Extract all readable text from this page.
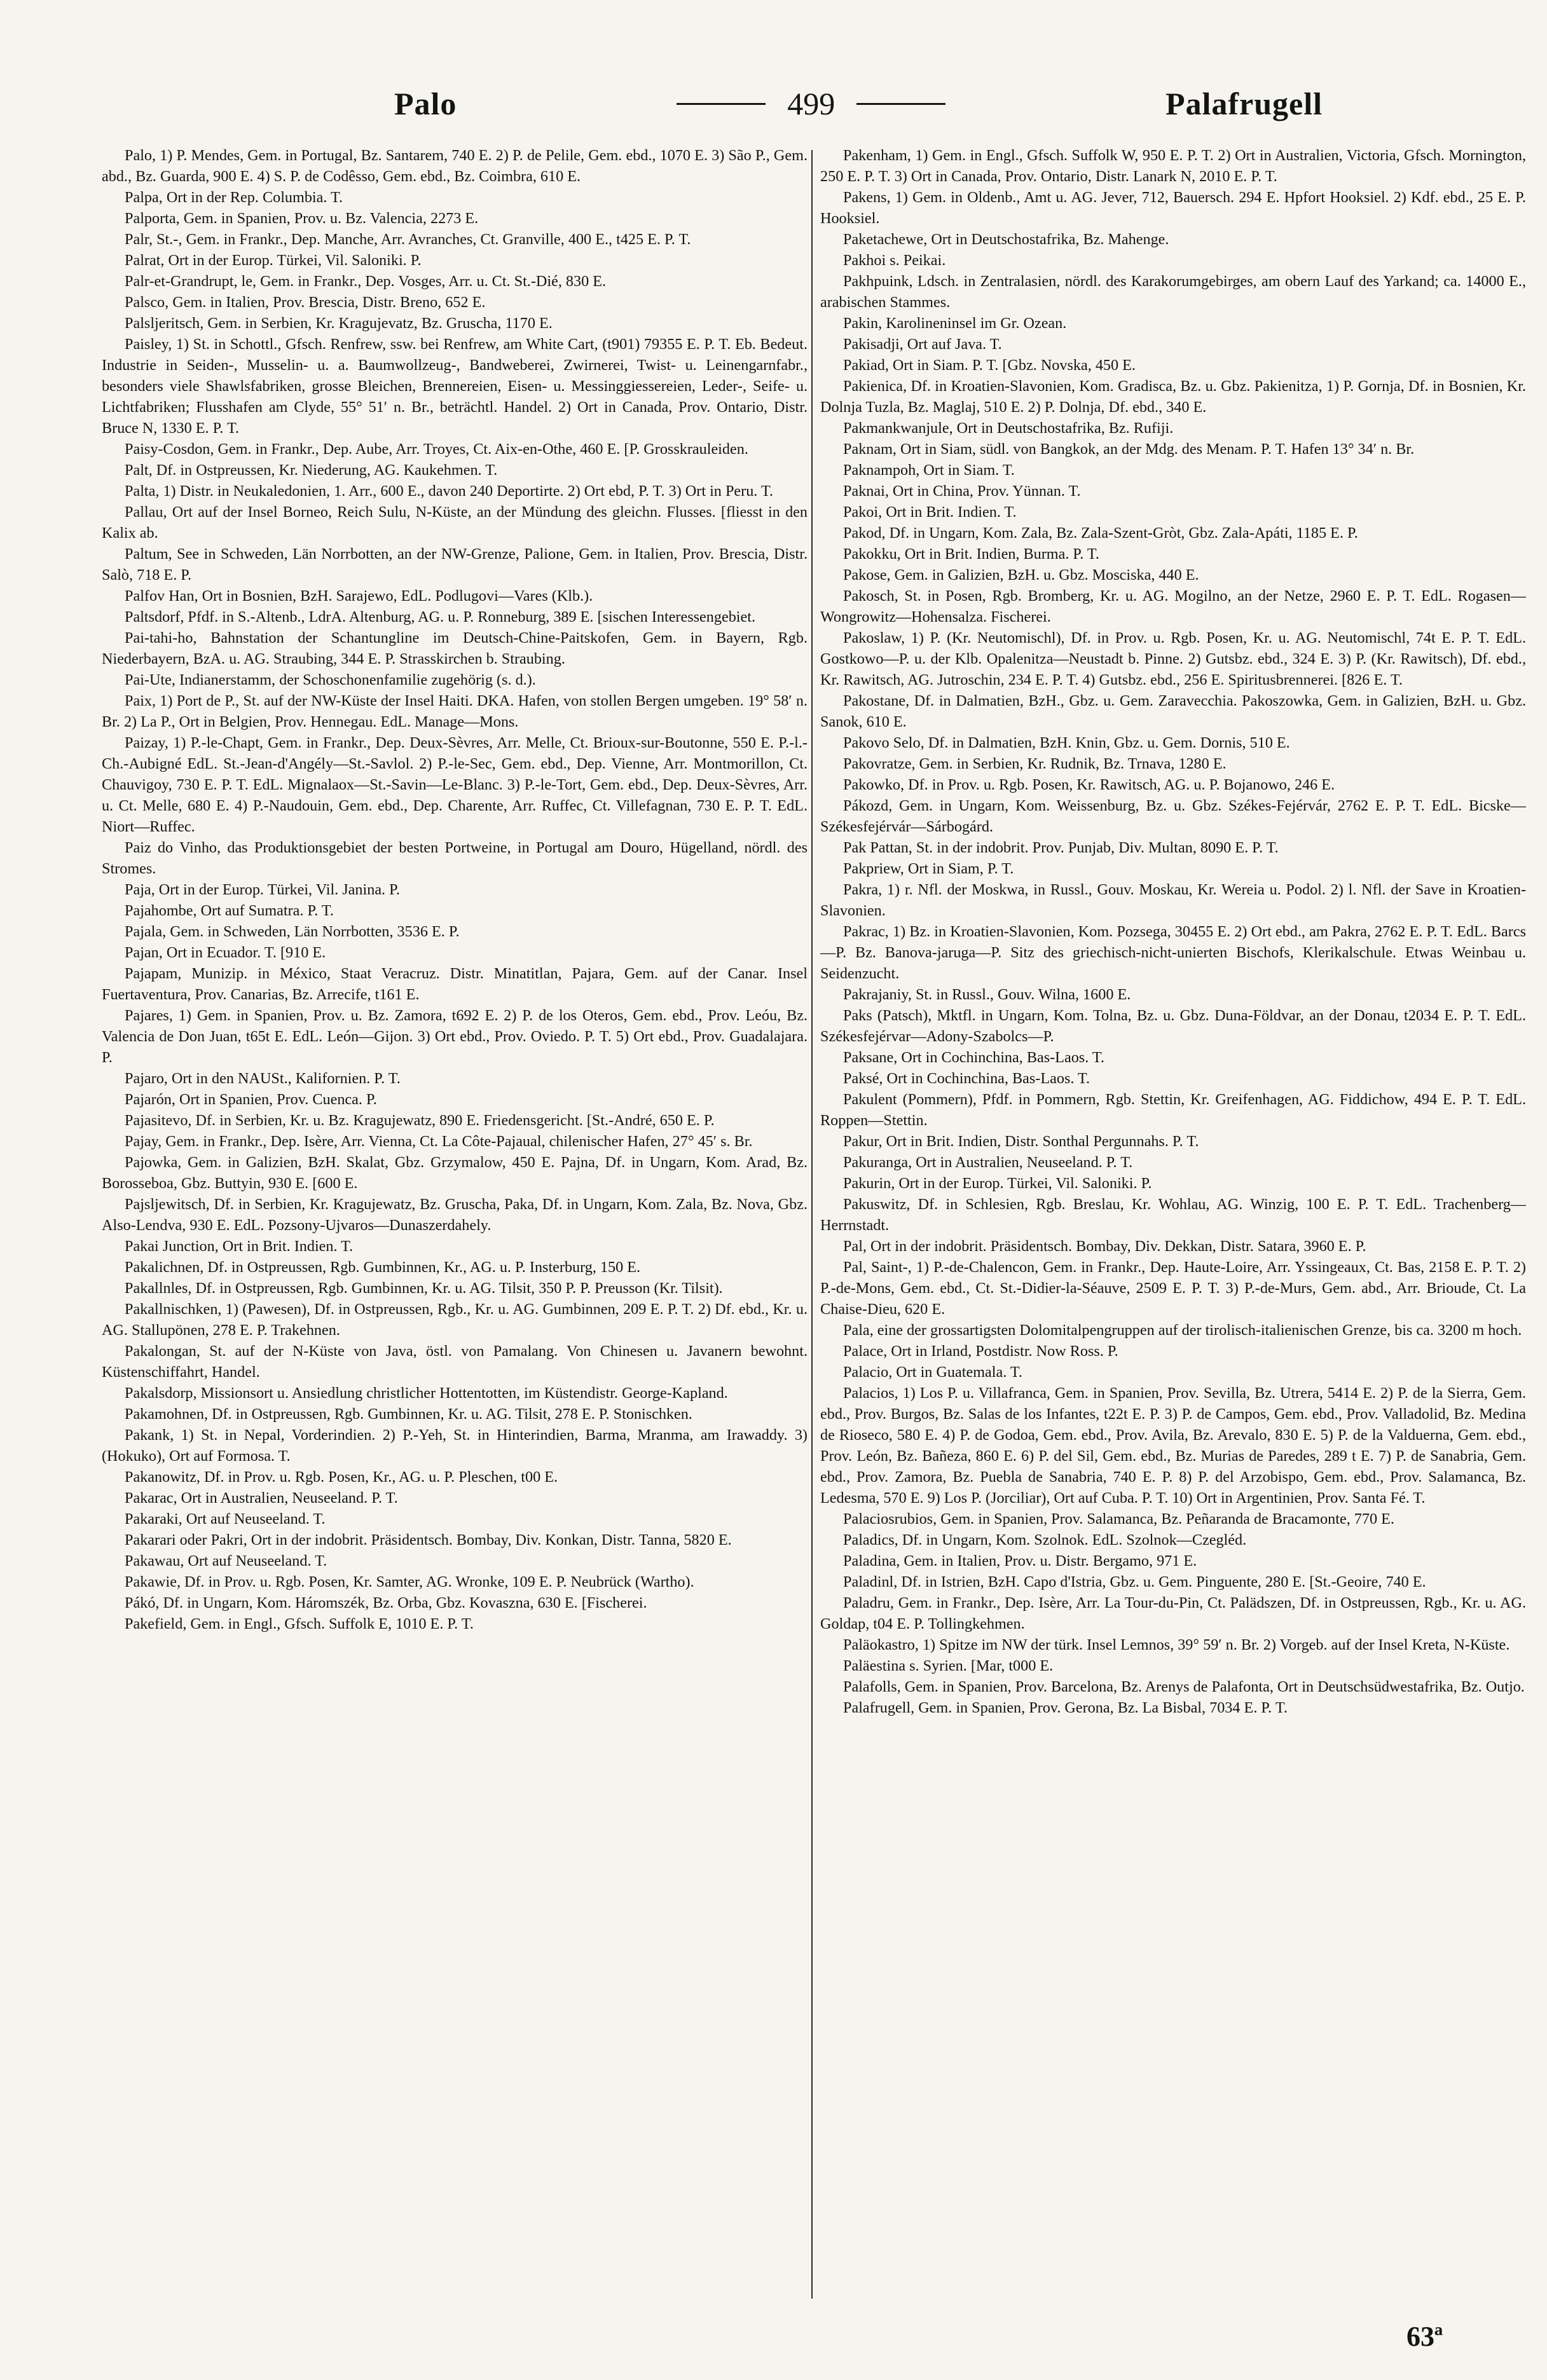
Palo	499	Palafrugell

Palo, 1) P. Mendes, Gem. in Portugal, Bz. Santarem, 740 E. 2) P. de Pelile, Gem. ebd., 1070 E. 3) São P., Gem. abd., Bz. Guarda, 900 E. 4) S. P. de Codêsso, Gem. ebd., Bz. Coimbra, 610 E.

Palpa, Ort in der Rep. Columbia. T.

Palporta, Gem. in Spanien, Prov. u. Bz. Valencia, 2273 E.

Palr, St.-, Gem. in Frankr., Dep. Manche, Arr. Avranches, Ct. Granville, 400 E., t425 E. P. T.

Palrat, Ort in der Europ. Türkei, Vil. Saloniki. P.

Palr-et-Grandrupt, le, Gem. in Frankr., Dep. Vosges, Arr. u. Ct. St.-Dié, 830 E.

Palsco, Gem. in Italien, Prov. Brescia, Distr. Breno, 652 E.

Palsljeritsch, Gem. in Serbien, Kr. Kragujevatz, Bz. Gruscha, 1170 E.

Paisley, 1) St. in Schottl., Gfsch. Renfrew, ssw. bei Renfrew, am White Cart, (t901) 79355 E. P. T. Eb. Bedeut. Industrie in Seiden-, Musselin- u. a. Baumwollzeug-, Bandweberei, Zwirnerei, Twist- u. Leinengarnfabr., besonders viele Shawlsfabriken, grosse Bleichen, Brennereien, Eisen- u. Messinggiessereien, Leder-, Seife- u. Lichtfabriken; Flusshafen am Clyde, 55° 51′ n. Br., beträchtl. Handel. 2) Ort in Canada, Prov. Ontario, Distr. Bruce N, 1330 E. P. T.

Paisy-Cosdon, Gem. in Frankr., Dep. Aube, Arr. Troyes, Ct. Aix-en-Othe, 460 E. [P. Grosskrauleiden.

Palt, Df. in Ostpreussen, Kr. Niederung, AG. Kaukehmen. T.

Palta, 1) Distr. in Neukaledonien, 1. Arr., 600 E., davon 240 Deportirte. 2) Ort ebd, P. T. 3) Ort in Peru. T.

Pallau, Ort auf der Insel Borneo, Reich Sulu, N-Küste, an der Mündung des gleichn. Flusses. [fliesst in den Kalix ab.

Paltum, See in Schweden, Län Norrbotten, an der NW-Grenze, Palione, Gem. in Italien, Prov. Brescia, Distr. Salò, 718 E. P.

Palfov Han, Ort in Bosnien, BzH. Sarajewo, EdL. Podlugovi—Vares (Klb.).

Paltsdorf, Pfdf. in S.-Altenb., LdrA. Altenburg, AG. u. P. Ronneburg, 389 E. [sischen Interessengebiet.

Pai-tahi-ho, Bahnstation der Schantungline im Deutsch-Chine-Paitskofen, Gem. in Bayern, Rgb. Niederbayern, BzA. u. AG. Straubing, 344 E. P. Strasskirchen b. Straubing.

Pai-Ute, Indianerstamm, der Schoschonenfamilie zugehörig (s. d.).

Paix, 1) Port de P., St. auf der NW-Küste der Insel Haiti. DKA. Hafen, von stollen Bergen umgeben. 19° 58′ n. Br. 2) La P., Ort in Belgien, Prov. Hennegau. EdL. Manage—Mons.

Paizay, 1) P.-le-Chapt, Gem. in Frankr., Dep. Deux-Sèvres, Arr. Melle, Ct. Brioux-sur-Boutonne, 550 E. P.-l.-Ch.-Aubigné EdL. St.-Jean-d'Angély—St.-Savlol. 2) P.-le-Sec, Gem. ebd., Dep. Vienne, Arr. Montmorillon, Ct. Chauvigoy, 730 E. P. T. EdL. Mignalaox—St.-Savin—Le-Blanc. 3) P.-le-Tort, Gem. ebd., Dep. Deux-Sèvres, Arr. u. Ct. Melle, 680 E. 4) P.-Naudouin, Gem. ebd., Dep. Charente, Arr. Ruffec, Ct. Villefagnan, 730 E. P. T. EdL. Niort—Ruffec.

Paiz do Vinho, das Produktionsgebiet der besten Portweine, in Portugal am Douro, Hügelland, nördl. des Stromes.

Paja, Ort in der Europ. Türkei, Vil. Janina. P.

Pajahombe, Ort auf Sumatra. P. T.

Pajala, Gem. in Schweden, Län Norrbotten, 3536 E. P.

Pajan, Ort in Ecuador. T. [910 E.

Pajapam, Munizip. in México, Staat Veracruz. Distr. Minatitlan, Pajara, Gem. auf der Canar. Insel Fuertaventura, Prov. Canarias, Bz. Arrecife, t161 E.

Pajares, 1) Gem. in Spanien, Prov. u. Bz. Zamora, t692 E. 2) P. de los Oteros, Gem. ebd., Prov. Leóu, Bz. Valencia de Don Juan, t65t E. EdL. León—Gijon. 3) Ort ebd., Prov. Oviedo. P. T. 5) Ort ebd., Prov. Guadalajara. P.

Pajaro, Ort in den NAUSt., Kalifornien. P. T.

Pajarón, Ort in Spanien, Prov. Cuenca. P.

Pajasitevo, Df. in Serbien, Kr. u. Bz. Kragujewatz, 890 E. Friedensgericht. [St.-André, 650 E. P.

Pajay, Gem. in Frankr., Dep. Isère, Arr. Vienna, Ct. La Côte-Pajaual, chilenischer Hafen, 27° 45′ s. Br.

Pajowka, Gem. in Galizien, BzH. Skalat, Gbz. Grzymalow, 450 E. Pajna, Df. in Ungarn, Kom. Arad, Bz. Borosseboa, Gbz. Buttyin, 930 E. [600 E.

Pajsljewitsch, Df. in Serbien, Kr. Kragujewatz, Bz. Gruscha, Paka, Df. in Ungarn, Kom. Zala, Bz. Nova, Gbz. Also-Lendva, 930 E. EdL. Pozsony-Ujvaros—Dunaszerdahely.

Pakai Junction, Ort in Brit. Indien. T.

Pakalichnen, Df. in Ostpreussen, Rgb. Gumbinnen, Kr., AG. u. P. Insterburg, 150 E.

Pakallnles, Df. in Ostpreussen, Rgb. Gumbinnen, Kr. u. AG. Tilsit, 350 P. P. Preusson (Kr. Tilsit).

Pakallnischken, 1) (Pawesen), Df. in Ostpreussen, Rgb., Kr. u. AG. Gumbinnen, 209 E. P. T. 2) Df. ebd., Kr. u. AG. Stallupönen, 278 E. P. Trakehnen.

Pakalongan, St. auf der N-Küste von Java, östl. von Pamalang. Von Chinesen u. Javanern bewohnt. Küstenschiffahrt, Handel.

Pakalsdorp, Missionsort u. Ansiedlung christlicher Hottentotten, im Küstendistr. George-Kapland.

Pakamohnen, Df. in Ostpreussen, Rgb. Gumbinnen, Kr. u. AG. Tilsit, 278 E. P. Stonischken.

Pakank, 1) St. in Nepal, Vorderindien. 2) P.-Yeh, St. in Hinterindien, Barma, Mranma, am Irawaddy. 3) (Hokuko), Ort auf Formosa. T.

Pakanowitz, Df. in Prov. u. Rgb. Posen, Kr., AG. u. P. Pleschen, t00 E.

Pakarac, Ort in Australien, Neuseeland. P. T.

Pakaraki, Ort auf Neuseeland. T.

Pakarari oder Pakri, Ort in der indobrit. Präsidentsch. Bombay, Div. Konkan, Distr. Tanna, 5820 E.

Pakawau, Ort auf Neuseeland. T.

Pakawie, Df. in Prov. u. Rgb. Posen, Kr. Samter, AG. Wronke, 109 E. P. Neubrück (Wartho).

Pákó, Df. in Ungarn, Kom. Háromszék, Bz. Orba, Gbz. Kovaszna, 630 E. [Fischerei.

Pakefield, Gem. in Engl., Gfsch. Suffolk E, 1010 E. P. T.

Pakenham, 1) Gem. in Engl., Gfsch. Suffolk W, 950 E. P. T. 2) Ort in Australien, Victoria, Gfsch. Mornington, 250 E. P. T. 3) Ort in Canada, Prov. Ontario, Distr. Lanark N, 2010 E. P. T.

Pakens, 1) Gem. in Oldenb., Amt u. AG. Jever, 712, Bauersch. 294 E. Hpfort Hooksiel. 2) Kdf. ebd., 25 E. P. Hooksiel.

Paketachewe, Ort in Deutschostafrika, Bz. Mahenge.

Pakhoi s. Peikai.

Pakhpuink, Ldsch. in Zentralasien, nördl. des Karakorumgebirges, am obern Lauf des Yarkand; ca. 14000 E., arabischen Stammes.

Pakin, Karolineninsel im Gr. Ozean.

Pakisadji, Ort auf Java. T.

Pakiad, Ort in Siam. P. T. [Gbz. Novska, 450 E.

Pakienica, Df. in Kroatien-Slavonien, Kom. Gradisca, Bz. u. Gbz. Pakienitza, 1) P. Gornja, Df. in Bosnien, Kr. Dolnja Tuzla, Bz. Maglaj, 510 E. 2) P. Dolnja, Df. ebd., 340 E.

Pakmankwanjule, Ort in Deutschostafrika, Bz. Rufiji.

Paknam, Ort in Siam, südl. von Bangkok, an der Mdg. des Menam. P. T. Hafen 13° 34′ n. Br.

Paknampoh, Ort in Siam. T.

Paknai, Ort in China, Prov. Yünnan. T.

Pakoi, Ort in Brit. Indien. T.

Pakod, Df. in Ungarn, Kom. Zala, Bz. Zala-Szent-Gròt, Gbz. Zala-Apáti, 1185 E. P.

Pakokku, Ort in Brit. Indien, Burma. P. T.

Pakose, Gem. in Galizien, BzH. u. Gbz. Mosciska, 440 E.

Pakosch, St. in Posen, Rgb. Bromberg, Kr. u. AG. Mogilno, an der Netze, 2960 E. P. T. EdL. Rogasen—Wongrowitz—Hohensalza. Fischerei.

Pakoslaw, 1) P. (Kr. Neutomischl), Df. in Prov. u. Rgb. Posen, Kr. u. AG. Neutomischl, 74t E. P. T. EdL. Gostkowo—P. u. der Klb. Opalenitza—Neustadt b. Pinne. 2) Gutsbz. ebd., 324 E. 3) P. (Kr. Rawitsch), Df. ebd., Kr. Rawitsch, AG. Jutroschin, 234 E. P. T. 4) Gutsbz. ebd., 256 E. Spiritusbrennerei. [826 E. T.

Pakostane, Df. in Dalmatien, BzH., Gbz. u. Gem. Zaravecchia. Pakoszowka, Gem. in Galizien, BzH. u. Gbz. Sanok, 610 E.

Pakovo Selo, Df. in Dalmatien, BzH. Knin, Gbz. u. Gem. Dornis, 510 E.

Pakovratze, Gem. in Serbien, Kr. Rudnik, Bz. Trnava, 1280 E.

Pakowko, Df. in Prov. u. Rgb. Posen, Kr. Rawitsch, AG. u. P. Bojanowo, 246 E.

Pákozd, Gem. in Ungarn, Kom. Weissenburg, Bz. u. Gbz. Székes-Fejérvár, 2762 E. P. T. EdL. Bicske—Székesfejérvár—Sárbogárd.

Pak Pattan, St. in der indobrit. Prov. Punjab, Div. Multan, 8090 E. P. T.

Pakpriew, Ort in Siam, P. T.

Pakra, 1) r. Nfl. der Moskwa, in Russl., Gouv. Moskau, Kr. Wereia u. Podol. 2) l. Nfl. der Save in Kroatien-Slavonien.

Pakrac, 1) Bz. in Kroatien-Slavonien, Kom. Pozsega, 30455 E. 2) Ort ebd., am Pakra, 2762 E. P. T. EdL. Barcs—P. Bz. Banova-jaruga—P. Sitz des griechisch-nicht-unierten Bischofs, Klerikalschule. Etwas Weinbau u. Seidenzucht.

Pakrajaniy, St. in Russl., Gouv. Wilna, 1600 E.

Paks (Patsch), Mktfl. in Ungarn, Kom. Tolna, Bz. u. Gbz. Duna-Földvar, an der Donau, t2034 E. P. T. EdL. Székesfejérvar—Adony-Szabolcs—P.

Paksane, Ort in Cochinchina, Bas-Laos. T.

Paksé, Ort in Cochinchina, Bas-Laos. T.

Pakulent (Pommern), Pfdf. in Pommern, Rgb. Stettin, Kr. Greifenhagen, AG. Fiddichow, 494 E. P. T. EdL. Roppen—Stettin.

Pakur, Ort in Brit. Indien, Distr. Sonthal Pergunnahs. P. T.

Pakuranga, Ort in Australien, Neuseeland. P. T.

Pakurin, Ort in der Europ. Türkei, Vil. Saloniki. P.

Pakuswitz, Df. in Schlesien, Rgb. Breslau, Kr. Wohlau, AG. Winzig, 100 E. P. T. EdL. Trachenberg—Herrnstadt.

Pal, Ort in der indobrit. Präsidentsch. Bombay, Div. Dekkan, Distr. Satara, 3960 E. P.

Pal, Saint-, 1) P.-de-Chalencon, Gem. in Frankr., Dep. Haute-Loire, Arr. Yssingeaux, Ct. Bas, 2158 E. P. T. 2) P.-de-Mons, Gem. ebd., Ct. St.-Didier-la-Séauve, 2509 E. P. T. 3) P.-de-Murs, Gem. abd., Arr. Brioude, Ct. La Chaise-Dieu, 620 E.

Pala, eine der grossartigsten Dolomitalpengruppen auf der tirolisch-italienischen Grenze, bis ca. 3200 m hoch.

Palace, Ort in Irland, Postdistr. Now Ross. P.

Palacio, Ort in Guatemala. T.

Palacios, 1) Los P. u. Villafranca, Gem. in Spanien, Prov. Sevilla, Bz. Utrera, 5414 E. 2) P. de la Sierra, Gem. ebd., Prov. Burgos, Bz. Salas de los Infantes, t22t E. P. 3) P. de Campos, Gem. ebd., Prov. Valladolid, Bz. Medina de Rioseco, 580 E. 4) P. de Godoa, Gem. ebd., Prov. Avila, Bz. Arevalo, 830 E. 5) P. de la Valduerna, Gem. ebd., Prov. León, Bz. Bañeza, 860 E. 6) P. del Sil, Gem. ebd., Bz. Murias de Paredes, 289 t E. 7) P. de Sanabria, Gem. ebd., Prov. Zamora, Bz. Puebla de Sanabria, 740 E. P. 8) P. del Arzobispo, Gem. ebd., Prov. Salamanca, Bz. Ledesma, 570 E. 9) Los P. (Jorciliar), Ort auf Cuba. P. T. 10) Ort in Argentinien, Prov. Santa Fé. T.

Palaciosrubios, Gem. in Spanien, Prov. Salamanca, Bz. Peñaranda de Bracamonte, 770 E.

Paladics, Df. in Ungarn, Kom. Szolnok. EdL. Szolnok—Czegléd.

Paladina, Gem. in Italien, Prov. u. Distr. Bergamo, 971 E.

Paladinl, Df. in Istrien, BzH. Capo d'Istria, Gbz. u. Gem. Pinguente, 280 E. [St.-Geoire, 740 E.

Paladru, Gem. in Frankr., Dep. Isère, Arr. La Tour-du-Pin, Ct. Palädszen, Df. in Ostpreussen, Rgb., Kr. u. AG. Goldap, t04 E. P. Tollingkehmen.

Paläokastro, 1) Spitze im NW der türk. Insel Lemnos, 39° 59′ n. Br. 2) Vorgeb. auf der Insel Kreta, N-Küste.

Paläestina s. Syrien. [Mar, t000 E.

Palafolls, Gem. in Spanien, Prov. Barcelona, Bz. Arenys de Palafonta, Ort in Deutschsüdwestafrika, Bz. Outjo.

Palafrugell, Gem. in Spanien, Prov. Gerona, Bz. La Bisbal, 7034 E. P. T.

63ª
